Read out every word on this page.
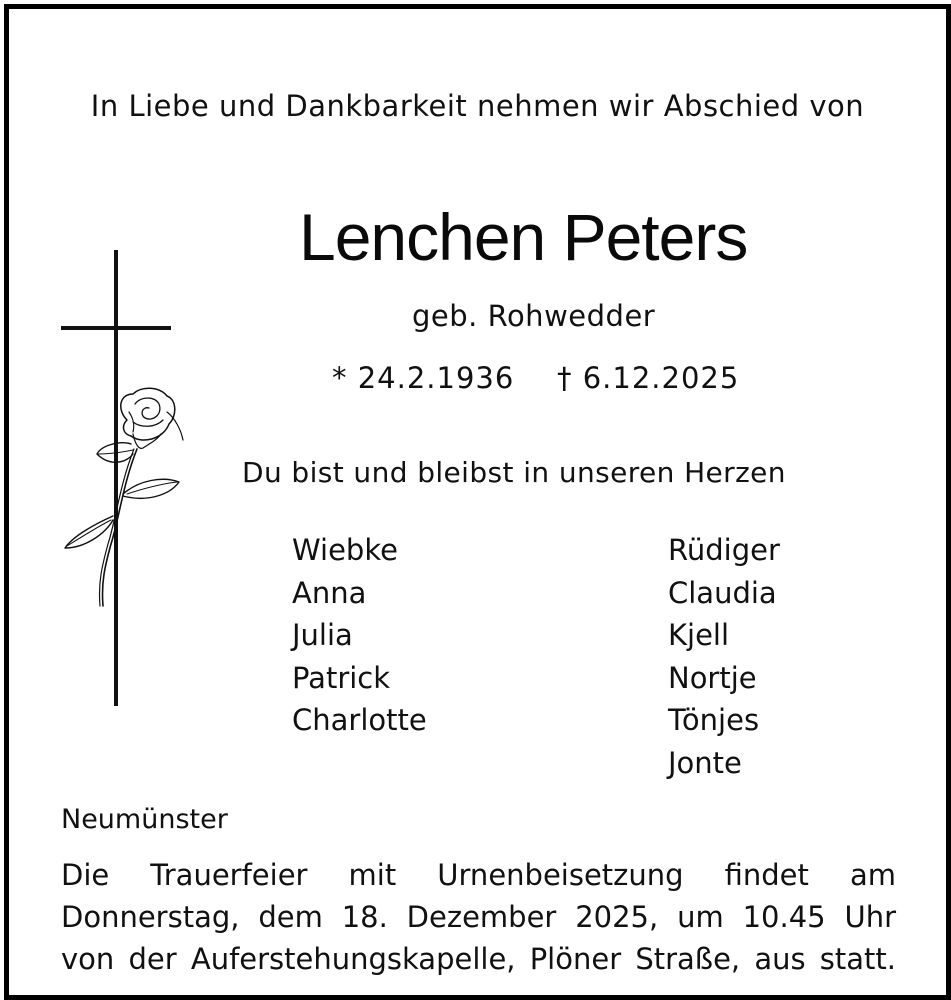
In Liebe und Dankbarkeit nehmen wir Abschied von
Lenchen Peters
geb. Rohwedder
* 24.2.1936 † 6.12.2025
Du bist und bleibst in unseren Herzen
Wiebke
Anna
Julia
Patrick
Charlotte
Rüdiger
Claudia
Kjell
Nortje
Tönjes
Jonte
Neumünster

Die Trauerfeier mit Urnenbeisetzung findet am
Donnerstag, dem 18. Dezember 2025, um 10.45 Uhr
von der Auferstehungskapelle, Plöner Straße, aus statt.
